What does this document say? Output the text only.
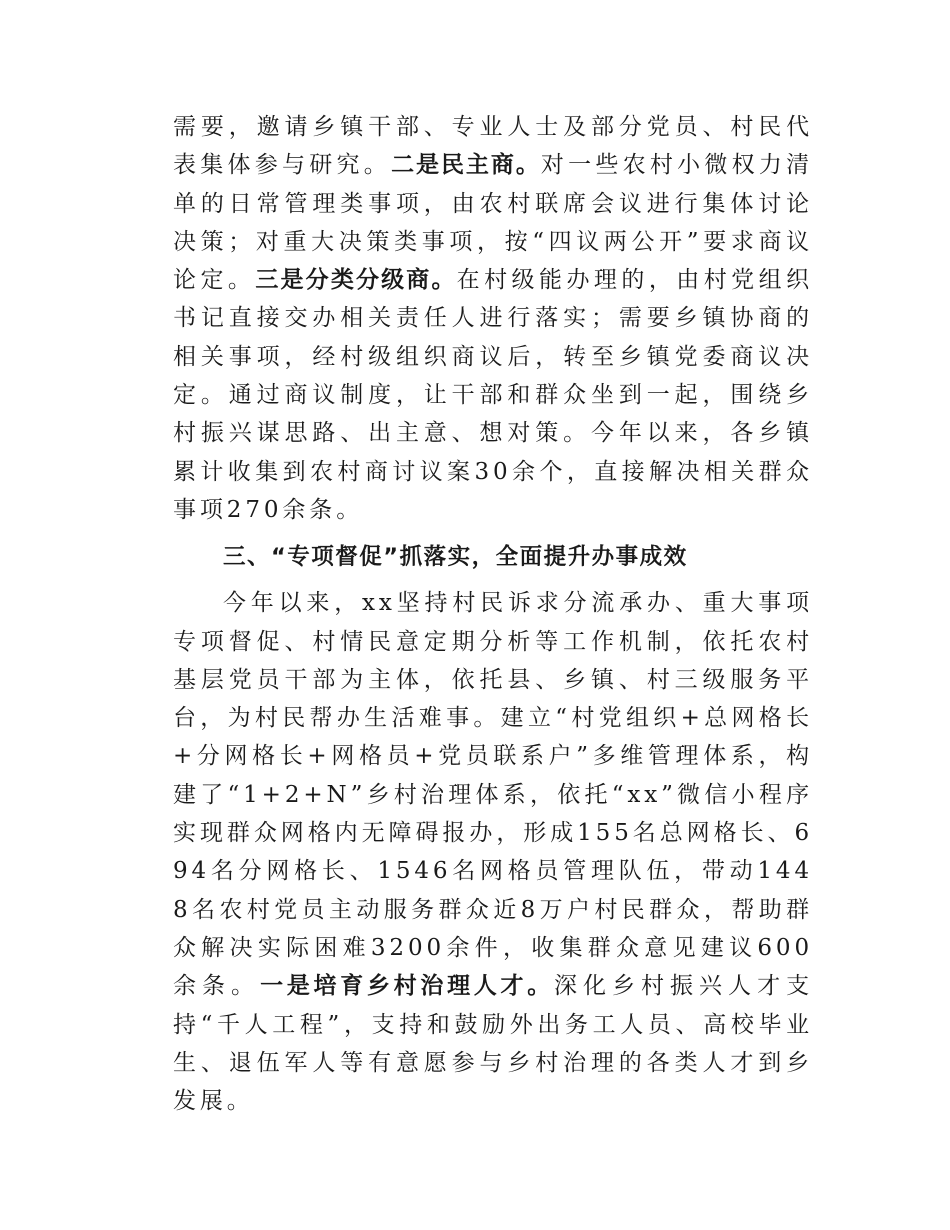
需要，邀请乡镇干部、专业人士及部分党员、村民代表集体参与研究。二是民主商。对一些农村小微权力清单的日常管理类事项，由农村联席会议进行集体讨论决策；对重大决策类事项，按“四议两公开”要求商议论定。三是分类分级商。在村级能办理的，由村党组织书记直接交办相关责任人进行落实；需要乡镇协商的相关事项，经村级组织商议后，转至乡镇党委商议决定。通过商议制度，让干部和群众坐到一起，围绕乡村振兴谋思路、出主意、想对策。今年以来，各乡镇累计收集到农村商讨议案30余个，直接解决相关群众事项270余条。

三、“专项督促”抓落实，全面提升办事成效

今年以来，xx坚持村民诉求分流承办、重大事项专项督促、村情民意定期分析等工作机制，依托农村基层党员干部为主体，依托县、乡镇、村三级服务平台，为村民帮办生活难事。建立“村党组织+总网格长+分网格长+网格员+党员联系户”多维管理体系，构建了“1+2+N”乡村治理体系，依托“xx”微信小程序实现群众网格内无障碍报办，形成155名总网格长、694名分网格长、1546名网格员管理队伍，带动1448名农村党员主动服务群众近8万户村民群众，帮助群众解决实际困难3200余件，收集群众意见建议600余条。一是培育乡村治理人才。深化乡村振兴人才支持“千人工程”，支持和鼓励外出务工人员、高校毕业生、退伍军人等有意愿参与乡村治理的各类人才到乡发展。
